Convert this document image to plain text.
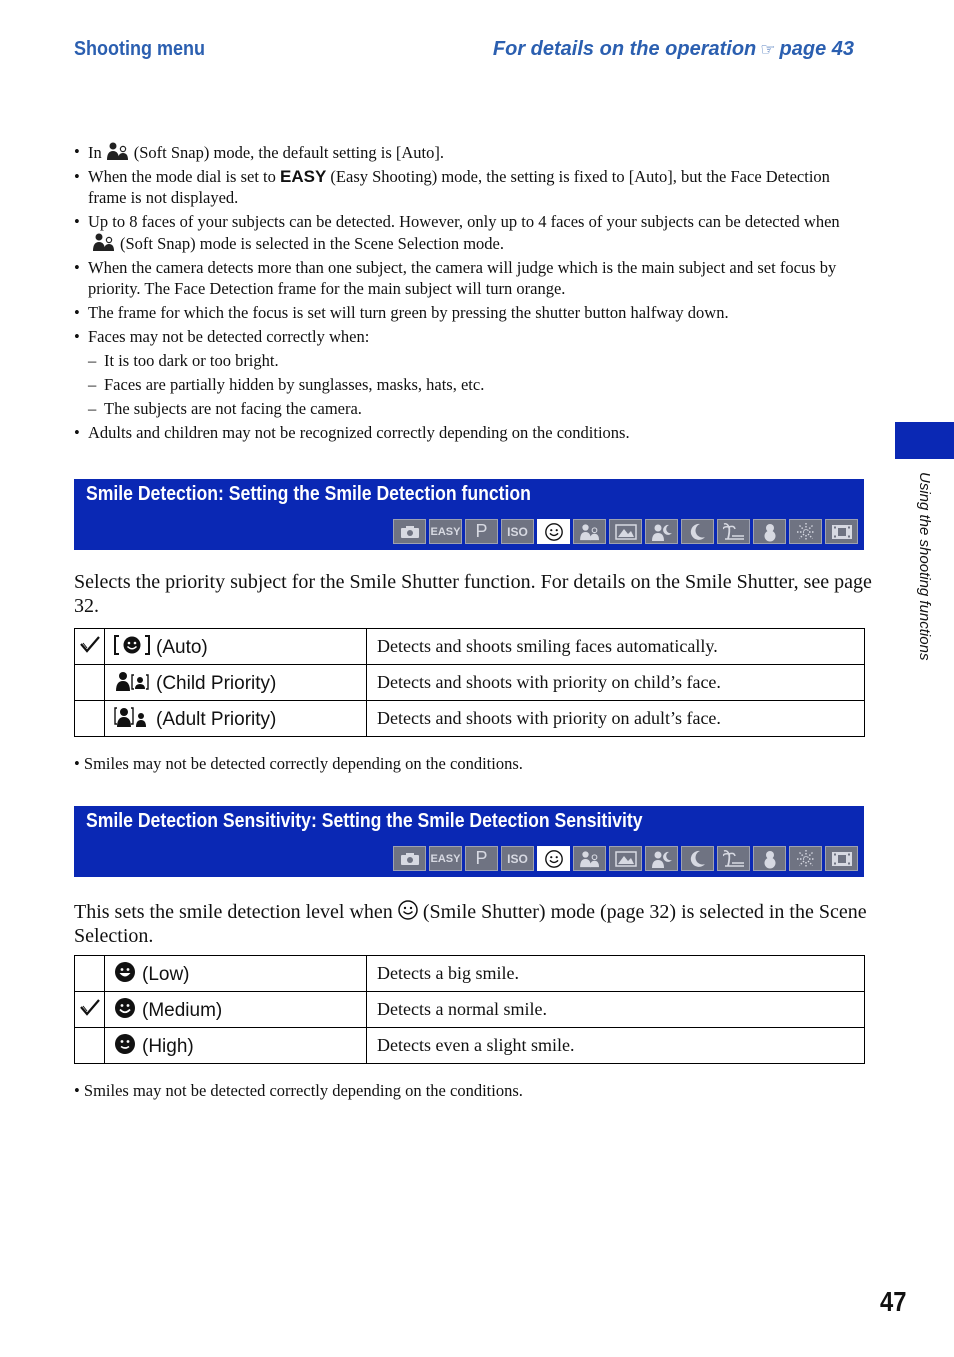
Shooting menu	For details on the operation ☞ page 43
• In (Soft Snap) mode, the default setting is [Auto].
• When the mode dial is set to EASY (Easy Shooting) mode, the setting is fixed to [Auto], but the Face Detection frame is not displayed.
• Up to 8 faces of your subjects can be detected. However, only up to 4 faces of your subjects can be detected when(Soft Snap) mode is selected in the Scene Selection mode.
• When the camera detects more than one subject, the camera will judge which is the main subject and set focus by priority. The Face Detection frame for the main subject will turn orange.
• The frame for which the focus is set will turn green by pressing the shutter button halfway down.
• Faces may not be detected correctly when:
– It is too dark or too bright.
– Faces are partially hidden by sunglasses, masks, hats, etc.
– The subjects are not facing the camera.
• Adults and children may not be recognized correctly depending on the conditions.
Smile Detection: Setting the Smile Detection function
EASY P	ISO
Selects the priority subject for the Smile Shutter function. For details on the Smile Shutter, see page 32.
	(Auto)	Detects and shoots smiling faces automatically.
	(Child Priority)	Detects and shoots with priority on child’s face.
	(Adult Priority)	Detects and shoots with priority on adult’s face.
• Smiles may not be detected correctly depending on the conditions.
Smile Detection Sensitivity: Setting the Smile Detection Sensitivity
EASY P	ISO
This sets the smile detection level when (Smile Shutter) mode (page 32) is selected in the Scene Selection.
	(Low)	Detects a big smile.
	(Medium)	Detects a normal smile.
	(High)	Detects even a slight smile.
• Smiles may not be detected correctly depending on the conditions.
Using the shooting functions
47
